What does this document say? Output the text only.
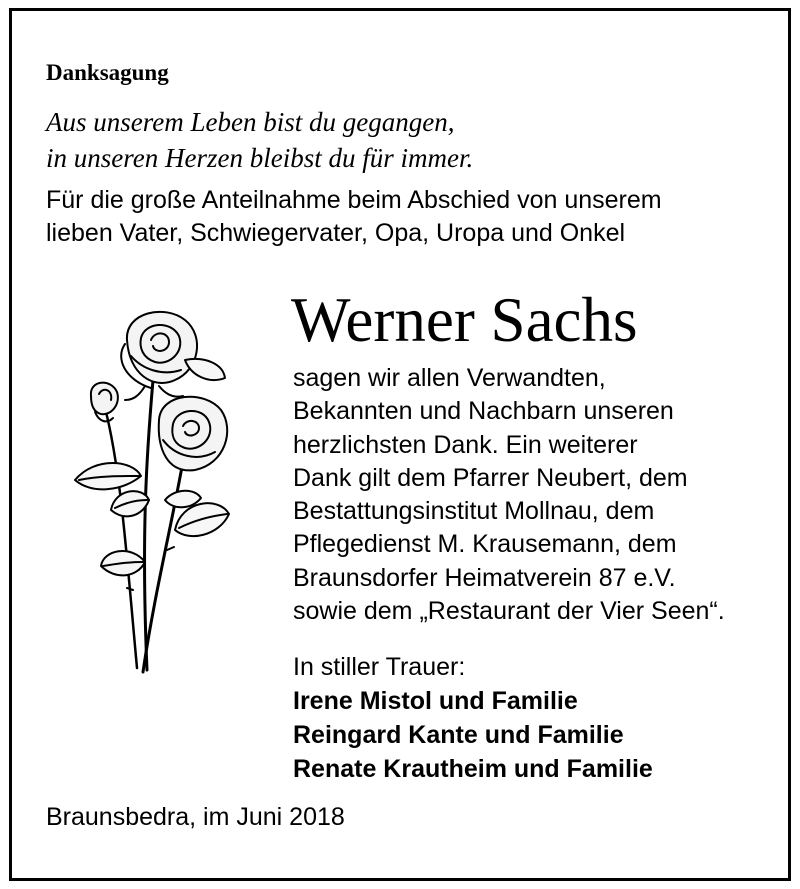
Danksagung
Aus unserem Leben bist du gegangen,
in unseren Herzen bleibst du für immer.
Für die große Anteilnahme beim Abschied von unserem
lieben Vater, Schwiegervater, Opa, Uropa und Onkel
Werner Sachs
sagen wir allen Verwandten,
Bekannten und Nachbarn unseren
herzlichsten Dank. Ein weiterer
Dank gilt dem Pfarrer Neubert, dem
Bestattungsinstitut Mollnau, dem
Pflegedienst M. Krausemann, dem
Braunsdorfer Heimatverein 87 e.V.
sowie dem „Restaurant der Vier Seen“.
In stiller Trauer:
Irene Mistol und Familie
Reingard Kante und Familie
Renate Krautheim und Familie
Braunsbedra, im Juni 2018
